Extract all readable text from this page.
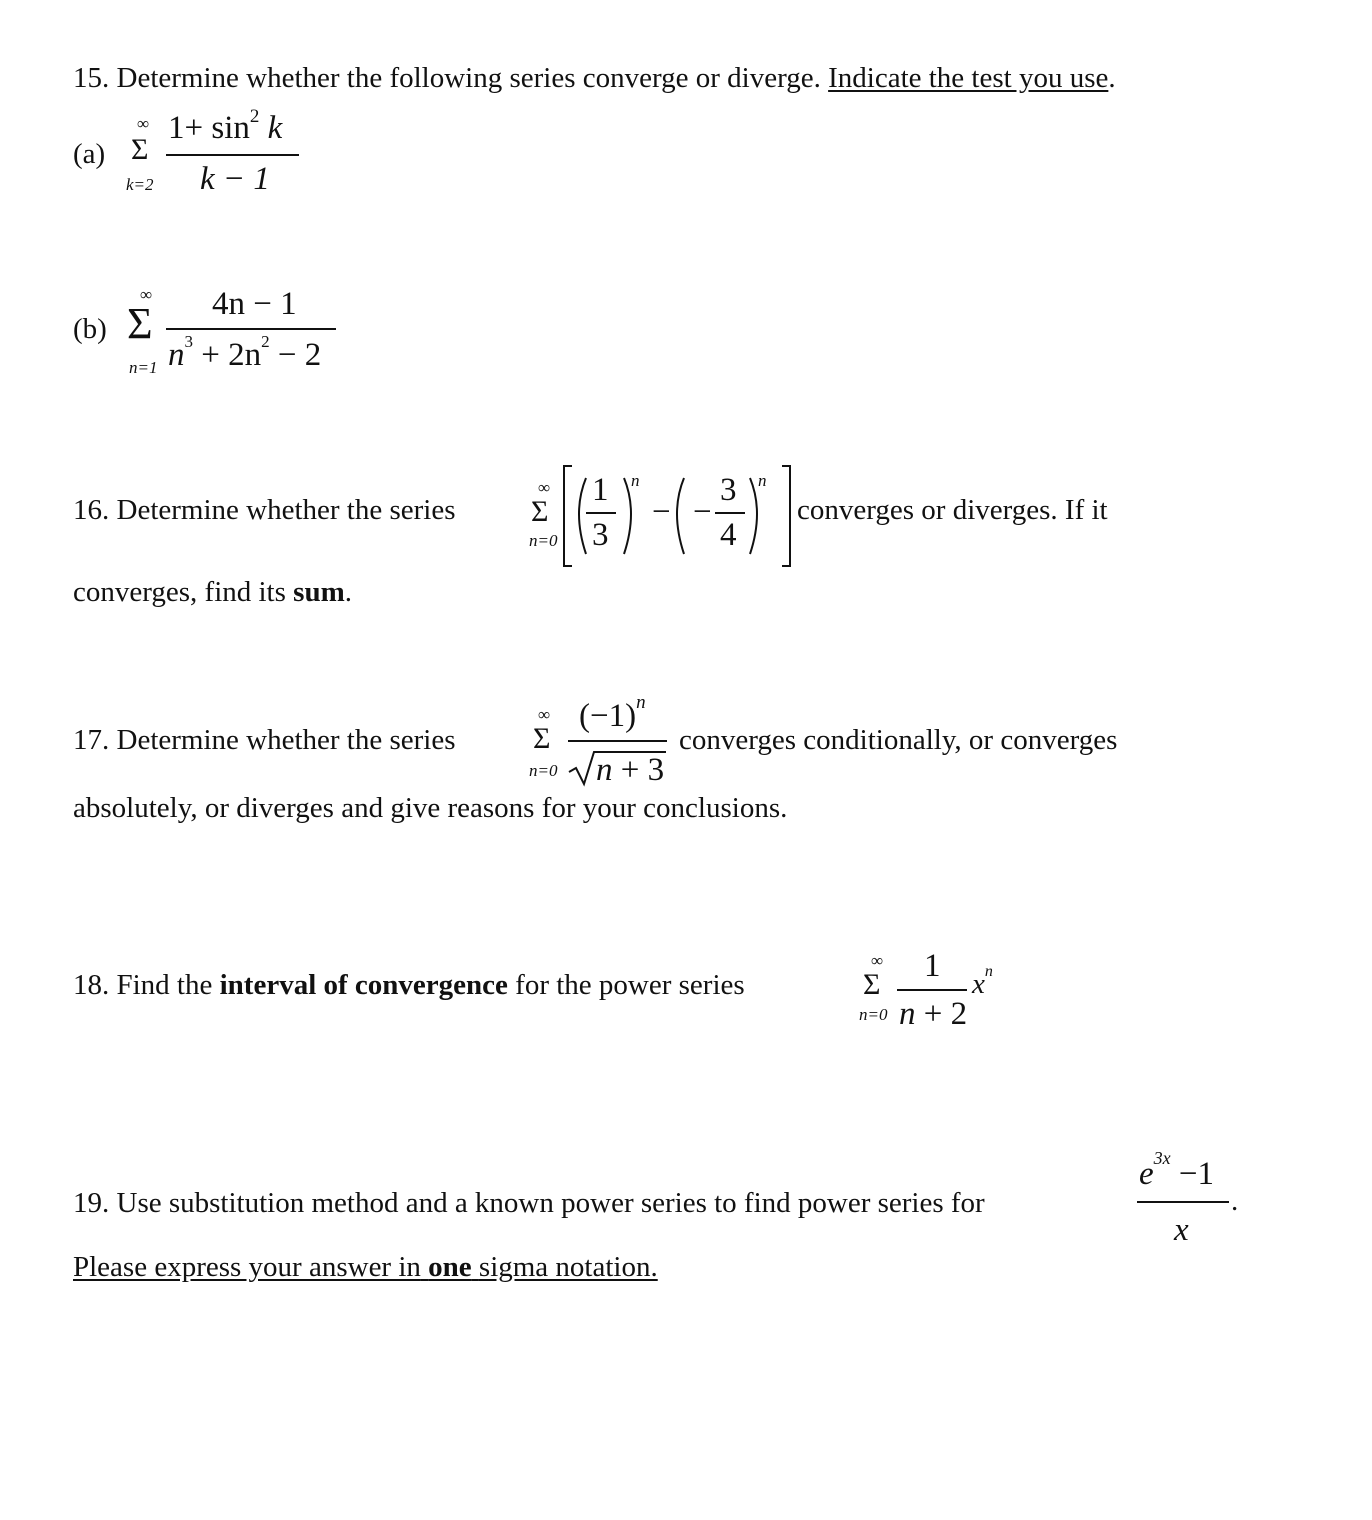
15. Determine whether the following series converge or diverge. Indicate the test you use.
(a)
∞
Σ
k=2
$1+ \sin^2 k$
k − 1
(b)
∞
Σ
n=1
4n − 1
$n^3 + 2n^2 - 2$
16. Determine whether the series
∞
Σ
n=0
1
3
n
− −
3
4
n
converges or diverges. If it
converges, find its sum.
17. Determine whether the series
∞
Σ
n=0
$(-1)^n$
n + 3
converges conditionally, or converges
absolutely, or diverges and give reasons for your conclusions.
18. Find the interval of convergence for the power series
∞
Σ
n=0
1
n + 2
$x^n$
19. Use substitution method and a known power series to find power series for
$e^{3x} -1$
x
.
Please express your answer in one sigma notation.
